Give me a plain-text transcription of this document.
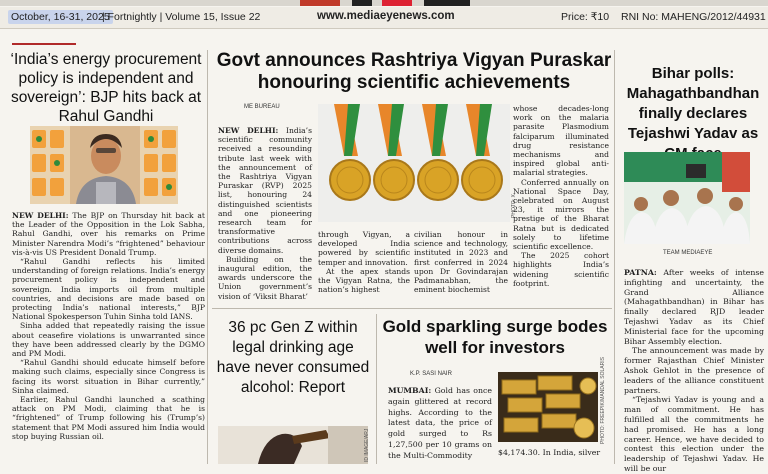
October, 16-31, 2025
| Fortnightly | Volume 15, Issue 22	www.mediaeyenews.com	Price: ₹10 RNI No: MAHENG/2012/44931
‘India’s energy procurement policy is independent and sovereign’: BJP hits back at Rahul Gandhi

NEW DELHI: The BJP on Thursday hit back at the Leader of the Opposition in the Lok Sabha, Rahul Gandhi, over his remarks on Prime Minister Narendra Modi’s “frightened” behaviour vis-à-vis US President Donald Trump.

“Rahul Gandhi reflects his limited understanding of foreign relations. India’s energy procurement policy is independent and sovereign. India imports oil from multiple countries, and decisions are made based on protecting India’s national interests,” BJP National Spokesperson Tuhin Sinha told IANS.

Sinha added that repeatedly raising the issue about ceasefire violations is unwarranted since they have been addressed clearly by the DGMO and PM Modi.

“Rahul Gandhi should educate himself before making such claims, especially since Congress is facing its worst situation in Bihar currently,” Sinha claimed.

Earlier, Rahul Gandhi launched a scathing attack on PM Modi, claiming that he is “frightened” of Trump following his (Trump’s) statement that PM Modi assured him India would stop buying Russian oil.

Govt announces Rashtriya Vigyan Puraskar honouring scientific achievements
ME BUREAU

NEW DELHI: India’s scientific community received a resounding tribute last week with the announcement of the Rashtriya Vigyan Puraskar (RVP) 2025 list, honouring 24 distinguished scientists and one pioneering research team for transformative contributions across diverse domains.

Building on the inaugural edition, the awards underscore the Union government’s vision of ‘Viksit Bharat’

PHOTO: X

through Vigyan, a developed India powered by scientific temper and innovation.

At the apex stands the Vigyan Ratna, the nation’s highest

civilian honour in science and technology, instituted in 2023 and first conferred in 2024 upon Dr Govindarajan Padmanabhan, the eminent biochemist

whose decades-long work on the malaria parasite Plasmodium falciparum illuminated drug resistance mechanisms and inspired global anti-malarial strategies.

Conferred annually on National Space Day, celebrated on August 23, it mirrors the prestige of the Bharat Ratna but is dedicated solely to lifetime scientific excellence.

The 2025 cohort highlights India’s widening scientific footprint.

36 pc Gen Z within legal drinking age have never consumed alcohol: Report
ID IMAGE/ARJ
Gold sparkling surge bodes well for investors
K.P. SASI NAIR

MUMBAI: Gold has once again glittered at record highs. According to the latest data, the price of gold surged to Rs 1,27,500 per 10 grams on the Multi-Commodity

PHOTO: FREEPIK/MANDAL SOLARIS
$4,174.30. In India, silver
Bihar polls: Mahagathbandhan finally declares Tejashwi Yadav as
TEAM MEDIAEYE

PATNA: After weeks of intense infighting and uncertainty, the Grand Alliance (Mahagathbandhan) in Bihar has finally declared RJD leader Tejashwi Yadav as its Chief Ministerial face for the upcoming Bihar Assembly election.

The announcement was made by former Rajasthan Chief Minister Ashok Gehlot in the presence of leaders of the alliance constituent partners.

“Tejashwi Yadav is young and a man of commitment. He has fulfilled all the commitments he had promised. He has a long career. Hence, we have decided to contest this election under the leadership of Tejashwi Yadav. He will be our
